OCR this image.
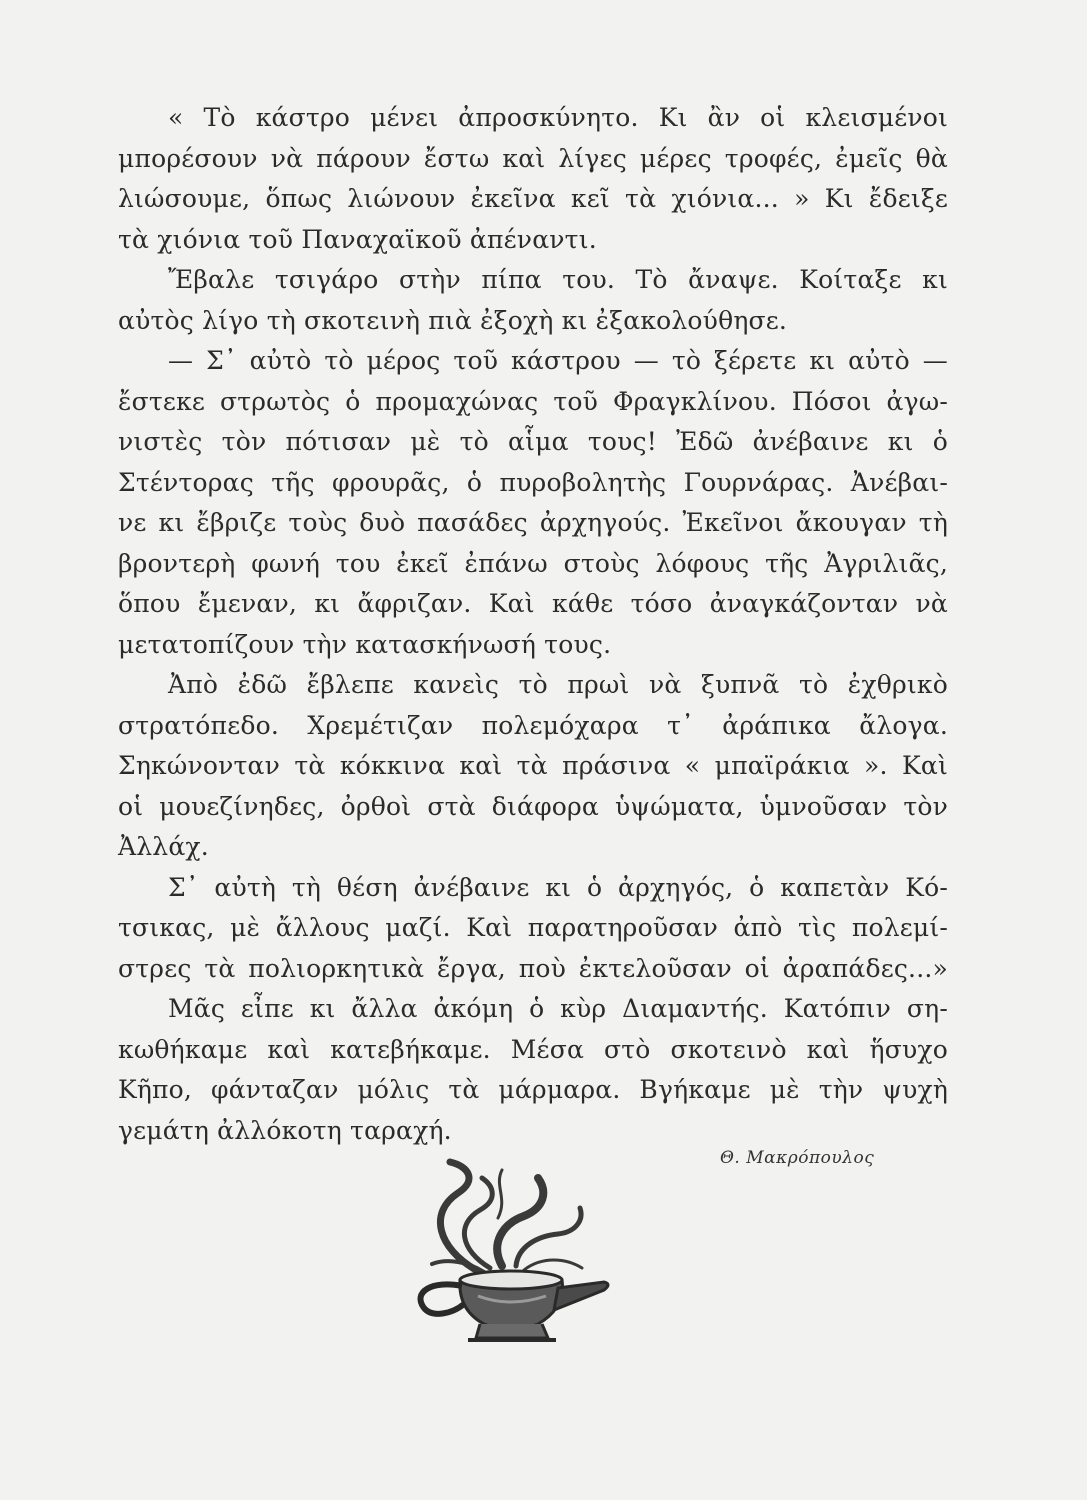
« Τὸ κάστρο μένει ἀπροσκύνητο. Κι ἂν οἱ κλεισμένοι
μπορέσουν νὰ πάρουν ἔστω καὶ λίγες μέρες τροφές, ἐμεῖς θὰ
λιώσουμε, ὅπως λιώνουν ἐκεῖνα κεῖ τὰ χιόνια... » Κι ἔδειξε
τὰ χιόνια τοῦ Παναχαϊκοῦ ἀπέναντι.
Ἔβαλε τσιγάρο στὴν πίπα του. Τὸ ἄναψε. Κοίταξε κι
αὐτὸς λίγο τὴ σκοτεινὴ πιὰ ἐξοχὴ κι ἐξακολούθησε.
— Σ᾿ αὐτὸ τὸ μέρος τοῦ κάστρου — τὸ ξέρετε κι αὐτὸ —
ἔστεκε στρωτὸς ὁ προμαχώνας τοῦ Φραγκλίνου. Πόσοι ἀγω-
νιστὲς τὸν πότισαν μὲ τὸ αἷμα τους! Ἐδῶ ἀνέβαινε κι ὁ
Στέντορας τῆς φρουρᾶς, ὁ πυροβολητὴς Γουρνάρας. Ἀνέβαι-
νε κι ἔβριζε τοὺς δυὸ πασάδες ἀρχηγούς. Ἐκεῖνοι ἄκουγαν τὴ
βροντερὴ φωνή του ἐκεῖ ἐπάνω στοὺς λόφους τῆς Ἀγριλιᾶς,
ὅπου ἔμεναν, κι ἄφριζαν. Καὶ κάθε τόσο ἀναγκάζονταν νὰ
μετατοπίζουν τὴν κατασκήνωσή τους.
Ἀπὸ ἐδῶ ἔβλεπε κανεὶς τὸ πρωὶ νὰ ξυπνᾶ τὸ ἐχθρικὸ
στρατόπεδο. Χρεμέτιζαν πολεμόχαρα τ᾿ ἀράπικα ἄλογα.
Σηκώνονταν τὰ κόκκινα καὶ τὰ πράσινα « μπαϊράκια ». Καὶ
οἱ μουεζίνηδες, ὀρθοὶ στὰ διάφορα ὑψώματα, ὑμνοῦσαν τὸν
Ἀλλάχ.
Σ᾿ αὐτὴ τὴ θέση ἀνέβαινε κι ὁ ἀρχηγός, ὁ καπετὰν Κό-
τσικας, μὲ ἄλλους μαζί. Καὶ παρατηροῦσαν ἀπὸ τὶς πολεμί-
στρες τὰ πολιορκητικὰ ἔργα, ποὺ ἐκτελοῦσαν οἱ ἀραπάδες...»
Μᾶς εἶπε κι ἄλλα ἀκόμη ὁ κὺρ Διαμαντής. Κατόπιν ση-
κωθήκαμε καὶ κατεβήκαμε. Μέσα στὸ σκοτεινὸ καὶ ἥσυχο
Κῆπο, φάνταζαν μόλις τὰ μάρμαρα. Βγήκαμε μὲ τὴν ψυχὴ
γεμάτη ἀλλόκοτη ταραχή.
Θ. Μακρόπουλος
